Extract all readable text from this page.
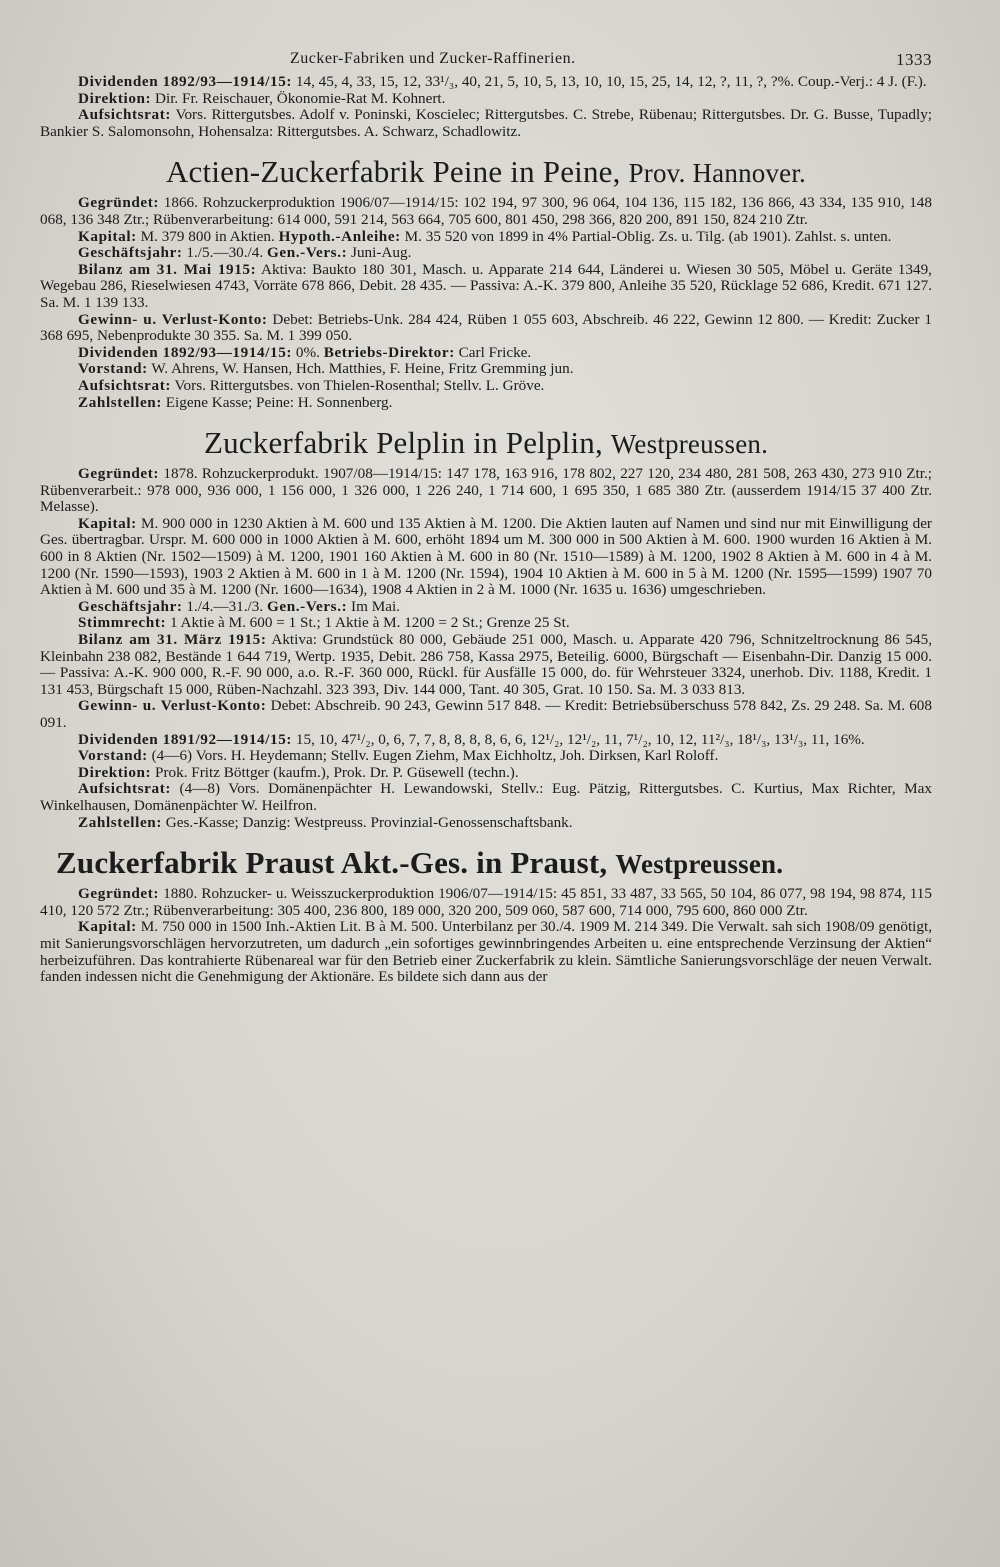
Zucker-Fabriken und Zucker-Raffinerien.	1333

Dividenden 1892/93—1914/15: 14, 45, 4, 33, 15, 12, 33¹/₃, 40, 21, 5, 10, 5, 13, 10, 10, 15, 25, 14, 12, ?, 11, ?, ?%. Coup.-Verj.: 4 J. (F.).

Direktion: Dir. Fr. Reischauer, Ökonomie-Rat M. Kohnert.

Aufsichtsrat: Vors. Rittergutsbes. Adolf v. Poninski, Koscielec; Rittergutsbes. C. Strebe, Rübenau; Rittergutsbes. Dr. G. Busse, Tupadly; Bankier S. Salomonsohn, Hohensalza: Rittergutsbes. A. Schwarz, Schadlowitz.

Actien-Zuckerfabrik Peine in Peine, Prov. Hannover.

Gegründet: 1866. Rohzuckerproduktion 1906/07—1914/15: 102 194, 97 300, 96 064, 104 136, 115 182, 136 866, 43 334, 135 910, 148 068, 136 348 Ztr.; Rübenverarbeitung: 614 000, 591 214, 563 664, 705 600, 801 450, 298 366, 820 200, 891 150, 824 210 Ztr.

Kapital: M. 379 800 in Aktien. Hypoth.-Anleihe: M. 35 520 von 1899 in 4% Partial-Oblig. Zs. u. Tilg. (ab 1901). Zahlst. s. unten.

Geschäftsjahr: 1./5.—30./4. Gen.-Vers.: Juni-Aug.

Bilanz am 31. Mai 1915: Aktiva: Baukto 180 301, Masch. u. Apparate 214 644, Länderei u. Wiesen 30 505, Möbel u. Geräte 1349, Wegebau 286, Rieselwiesen 4743, Vorräte 678 866, Debit. 28 435. — Passiva: A.-K. 379 800, Anleihe 35 520, Rücklage 52 686, Kredit. 671 127. Sa. M. 1 139 133.

Gewinn- u. Verlust-Konto: Debet: Betriebs-Unk. 284 424, Rüben 1 055 603, Abschreib. 46 222, Gewinn 12 800. — Kredit: Zucker 1 368 695, Nebenprodukte 30 355. Sa. M. 1 399 050.

Dividenden 1892/93—1914/15: 0%. Betriebs-Direktor: Carl Fricke.

Vorstand: W. Ahrens, W. Hansen, Hch. Matthies, F. Heine, Fritz Gremming jun.

Aufsichtsrat: Vors. Rittergutsbes. von Thielen-Rosenthal; Stellv. L. Gröve.

Zahlstellen: Eigene Kasse; Peine: H. Sonnenberg.

Zuckerfabrik Pelplin in Pelplin, Westpreussen.

Gegründet: 1878. Rohzuckerprodukt. 1907/08—1914/15: 147 178, 163 916, 178 802, 227 120, 234 480, 281 508, 263 430, 273 910 Ztr.; Rübenverarbeit.: 978 000, 936 000, 1 156 000, 1 326 000, 1 226 240, 1 714 600, 1 695 350, 1 685 380 Ztr. (ausserdem 1914/15 37 400 Ztr. Melasse).

Kapital: M. 900 000 in 1230 Aktien à M. 600 und 135 Aktien à M. 1200. Die Aktien lauten auf Namen und sind nur mit Einwilligung der Ges. übertragbar. Urspr. M. 600 000 in 1000 Aktien à M. 600, erhöht 1894 um M. 300 000 in 500 Aktien à M. 600. 1900 wurden 16 Aktien à M. 600 in 8 Aktien (Nr. 1502—1509) à M. 1200, 1901 160 Aktien à M. 600 in 80 (Nr. 1510—1589) à M. 1200, 1902 8 Aktien à M. 600 in 4 à M. 1200 (Nr. 1590—1593), 1903 2 Aktien à M. 600 in 1 à M. 1200 (Nr. 1594), 1904 10 Aktien à M. 600 in 5 à M. 1200 (Nr. 1595—1599) 1907 70 Aktien à M. 600 und 35 à M. 1200 (Nr. 1600—1634), 1908 4 Aktien in 2 à M. 1000 (Nr. 1635 u. 1636) umgeschrieben.

Geschäftsjahr: 1./4.—31./3. Gen.-Vers.: Im Mai.

Stimmrecht: 1 Aktie à M. 600 = 1 St.; 1 Aktie à M. 1200 = 2 St.; Grenze 25 St.

Bilanz am 31. März 1915: Aktiva: Grundstück 80 000, Gebäude 251 000, Masch. u. Apparate 420 796, Schnitzeltrocknung 86 545, Kleinbahn 238 082, Bestände 1 644 719, Wertp. 1935, Debit. 286 758, Kassa 2975, Beteilig. 6000, Bürgschaft — Eisenbahn-Dir. Danzig 15 000. — Passiva: A.-K. 900 000, R.-F. 90 000, a.o. R.-F. 360 000, Rückl. für Ausfälle 15 000, do. für Wehrsteuer 3324, unerhob. Div. 1188, Kredit. 1 131 453, Bürgschaft 15 000, Rüben-Nachzahl. 323 393, Div. 144 000, Tant. 40 305, Grat. 10 150. Sa. M. 3 033 813.

Gewinn- u. Verlust-Konto: Debet: Abschreib. 90 243, Gewinn 517 848. — Kredit: Betriebsüberschuss 578 842, Zs. 29 248. Sa. M. 608 091.

Dividenden 1891/92—1914/15: 15, 10, 47¹/₂, 0, 6, 7, 7, 8, 8, 8, 8, 6, 6, 12¹/₂, 12¹/₂, 11, 7¹/₂, 10, 12, 11²/₃, 18¹/₃, 13¹/₃, 11, 16%.

Vorstand: (4—6) Vors. H. Heydemann; Stellv. Eugen Ziehm, Max Eichholtz, Joh. Dirksen, Karl Roloff.

Direktion: Prok. Fritz Böttger (kaufm.), Prok. Dr. P. Güsewell (techn.).

Aufsichtsrat: (4—8) Vors. Domänenpächter H. Lewandowski, Stellv.: Eug. Pätzig, Rittergutsbes. C. Kurtius, Max Richter, Max Winkelhausen, Domänenpächter W. Heilfron.

Zahlstellen: Ges.-Kasse; Danzig: Westpreuss. Provinzial-Genossenschaftsbank.

Zuckerfabrik Praust Akt.-Ges. in Praust, Westpreussen.

Gegründet: 1880. Rohzucker- u. Weisszuckerproduktion 1906/07—1914/15: 45 851, 33 487, 33 565, 50 104, 86 077, 98 194, 98 874, 115 410, 120 572 Ztr.; Rübenverarbeitung: 305 400, 236 800, 189 000, 320 200, 509 060, 587 600, 714 000, 795 600, 860 000 Ztr.

Kapital: M. 750 000 in 1500 Inh.-Aktien Lit. B à M. 500. Unterbilanz per 30./4. 1909 M. 214 349. Die Verwalt. sah sich 1908/09 genötigt, mit Sanierungsvorschlägen hervorzutreten, um dadurch „ein sofortiges gewinnbringendes Arbeiten u. eine entsprechende Verzinsung der Aktien“ herbeizuführen. Das kontrahierte Rübenareal war für den Betrieb einer Zuckerfabrik zu klein. Sämtliche Sanierungsvorschläge der neuen Verwalt. fanden indessen nicht die Genehmigung der Aktionäre. Es bildete sich dann aus der
